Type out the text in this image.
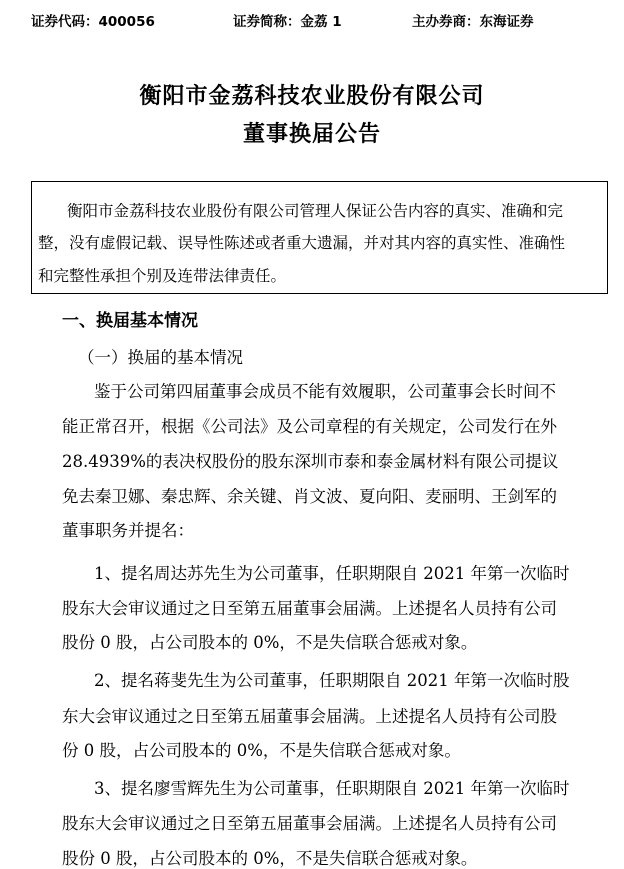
证券代码：400056	证券简称：金荔 1	主办券商：东海证券
衡阳市金荔科技农业股份有限公司
董事换届公告
衡阳市金荔科技农业股份有限公司管理人保证公告内容的真实、准确和完
整，没有虚假记载、误导性陈述或者重大遗漏，并对其内容的真实性、准确性
和完整性承担个别及连带法律责任。
一、换届基本情况
（一）换届的基本情况
鉴于公司第四届董事会成员不能有效履职，公司董事会长时间不
能正常召开，根据《公司法》及公司章程的有关规定，公司发行在外
28.4939%的表决权股份的股东深圳市泰和泰金属材料有限公司提议
免去秦卫娜、秦忠辉、余关键、肖文波、夏向阳、麦丽明、王剑军的
董事职务并提名：
1、提名周达苏先生为公司董事，任职期限自 2021 年第一次临时
股东大会审议通过之日至第五届董事会届满。上述提名人员持有公司
股份 0 股，占公司股本的 0%，不是失信联合惩戒对象。
2、提名蒋斐先生为公司董事，任职期限自 2021 年第一次临时股
东大会审议通过之日至第五届董事会届满。上述提名人员持有公司股
份 0 股，占公司股本的 0%，不是失信联合惩戒对象。
3、提名廖雪辉先生为公司董事，任职期限自 2021 年第一次临时
股东大会审议通过之日至第五届董事会届满。上述提名人员持有公司
股份 0 股，占公司股本的 0%，不是失信联合惩戒对象。
